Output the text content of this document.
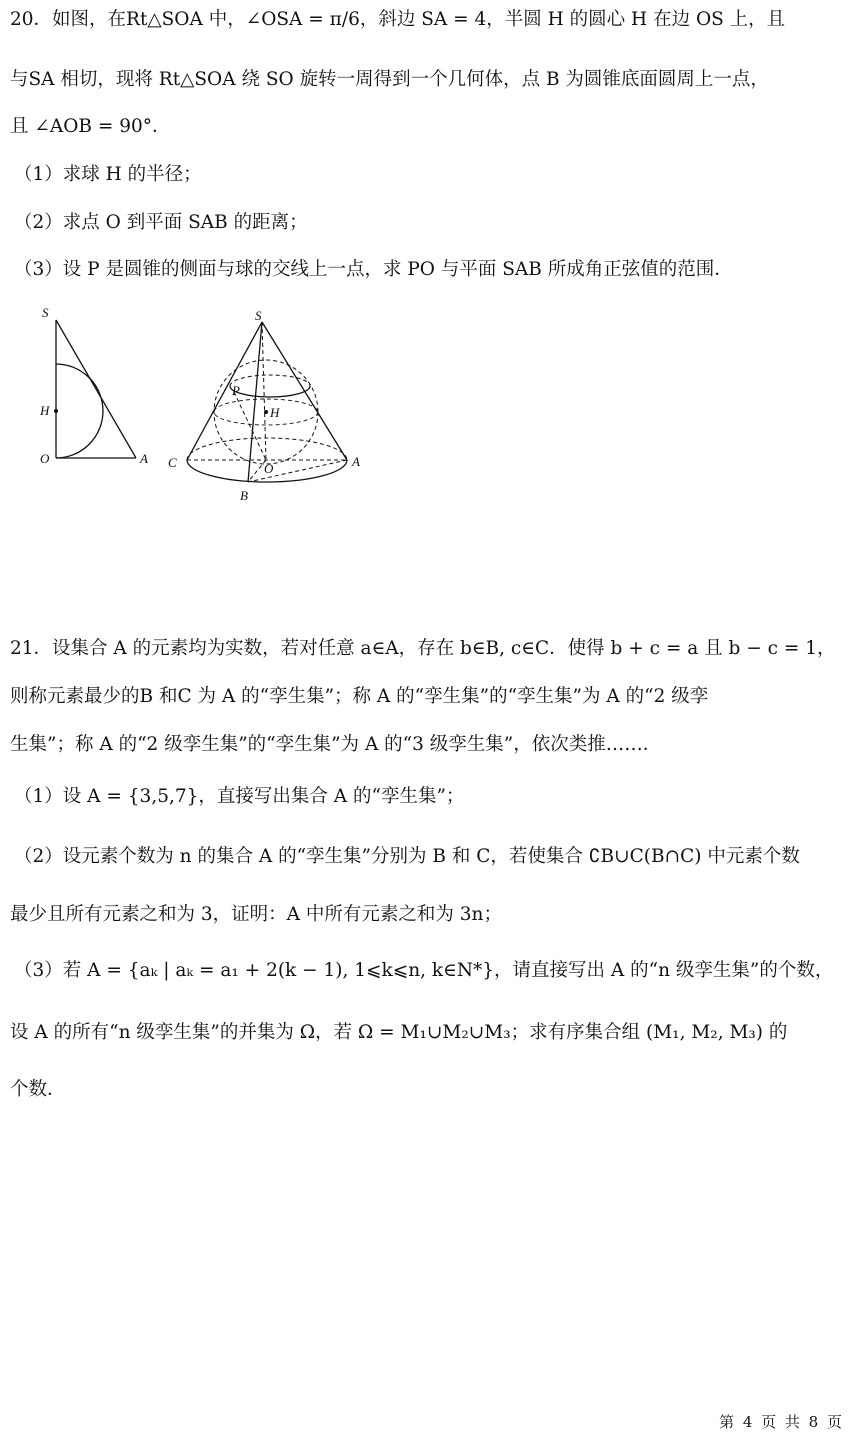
20．如图，在Rt△SOA 中，∠OSA = π/6，斜边 SA = 4，半圆 H 的圆心 H 在边 OS 上，且
与SA 相切，现将 Rt△SOA 绕 SO 旋转一周得到一个几何体，点 B 为圆锥底面圆周上一点，
且 ∠AOB = 90°．
（1）求球 H 的半径；
（2）求点 O 到平面 SAB 的距离；
（3）设 P 是圆锥的侧面与球的交线上一点，求 PO 与平面 SAB 所成角正弦值的范围．
S
H
O	A
S
P
H
C	O	A
B
21．设集合 A 的元素均为实数，若对任意 a∈A，存在 b∈B, c∈C．使得 b + c = a 且 b − c = 1，
则称元素最少的B 和C 为 A 的“孪生集”；称 A 的“孪生集”的“孪生集”为 A 的“2 级孪
生集”；称 A 的“2 级孪生集”的“孪生集”为 A 的“3 级孪生集”，依次类推……．
（1）设 A = {3,5,7}，直接写出集合 A 的“孪生集”；
（2）设元素个数为 n 的集合 A 的“孪生集”分别为 B 和 C，若使集合 ∁B∪C(B∩C) 中元素个数
最少且所有元素之和为 3，证明：A 中所有元素之和为 3n；
（3）若 A = {aₖ | aₖ = a₁ + 2(k − 1), 1⩽k⩽n, k∈N*}，请直接写出 A 的“n 级孪生集”的个数，
设 A 的所有“n 级孪生集”的并集为 Ω，若 Ω = M₁∪M₂∪M₃；求有序集合组 (M₁, M₂, M₃) 的
个数．
第 4 页 共 8 页
